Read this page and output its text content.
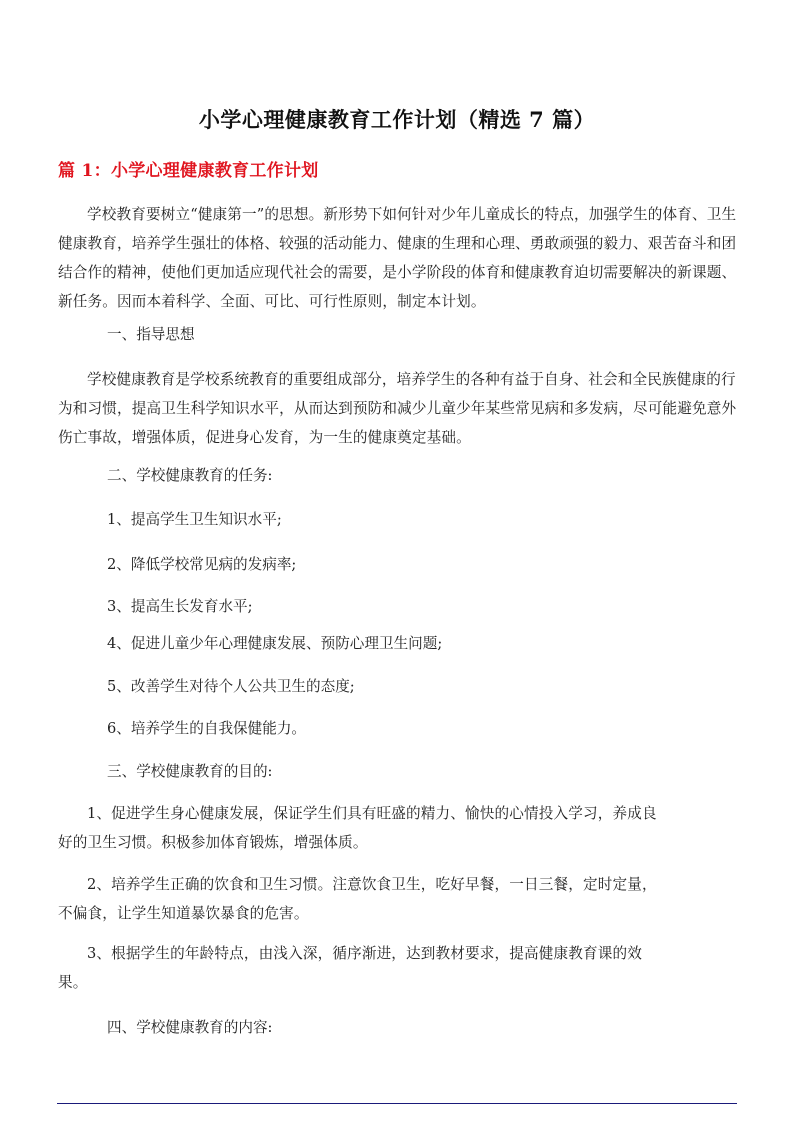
小学心理健康教育工作计划（精选 7 篇）
篇 1：小学心理健康教育工作计划
学校教育要树立“健康第一”的思想。新形势下如何针对少年儿童成长的特点，加强学生的体育、卫生健康教育，培养学生强壮的体格、较强的活动能力、健康的生理和心理、勇敢顽强的毅力、艰苦奋斗和团结合作的精神，使他们更加适应现代社会的需要，是小学阶段的体育和健康教育迫切需要解决的新课题、新任务。因而本着科学、全面、可比、可行性原则，制定本计划。
一、指导思想
学校健康教育是学校系统教育的重要组成部分，培养学生的各种有益于自身、社会和全民族健康的行为和习惯，提高卫生科学知识水平，从而达到预防和减少儿童少年某些常见病和多发病，尽可能避免意外伤亡事故，增强体质，促进身心发育，为一生的健康奠定基础。
二、学校健康教育的任务:
1、提高学生卫生知识水平;
2、降低学校常见病的发病率;
3、提高生长发育水平;
4、促进儿童少年心理健康发展、预防心理卫生问题;
5、改善学生对待个人公共卫生的态度;
6、培养学生的自我保健能力。
三、学校健康教育的目的:
1、促进学生身心健康发展，保证学生们具有旺盛的精力、愉快的心情投入学习，养成良好的卫生习惯。积极参加体育锻炼，增强体质。
2、培养学生正确的饮食和卫生习惯。注意饮食卫生，吃好早餐，一日三餐，定时定量，不偏食，让学生知道暴饮暴食的危害。
3、根据学生的年龄特点，由浅入深，循序渐进，达到教材要求，提高健康教育课的效果。
四、学校健康教育的内容:
